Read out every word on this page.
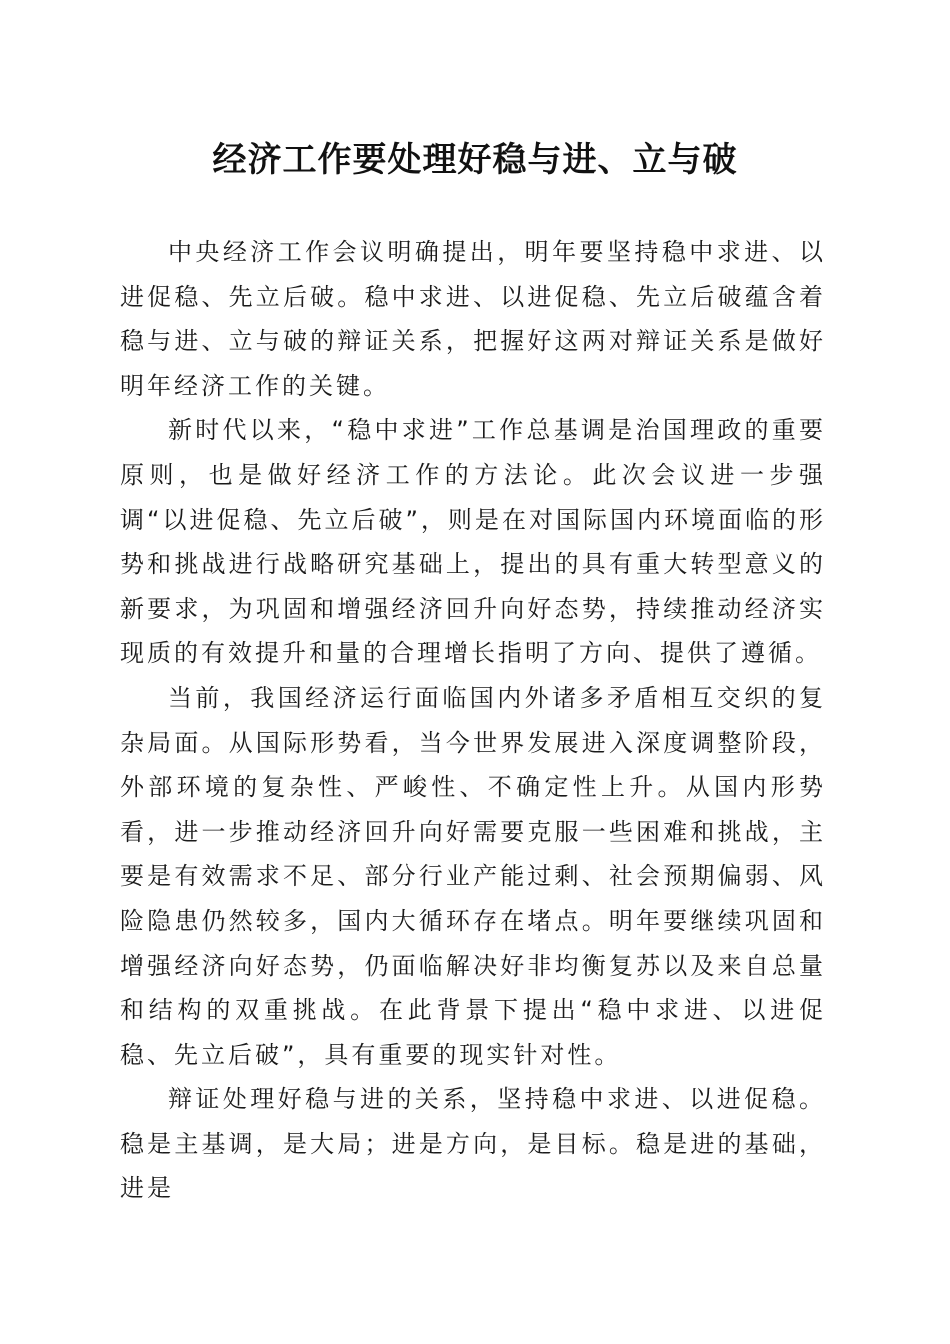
经济工作要处理好稳与进、立与破

中央经济工作会议明确提出，明年要坚持稳中求进、以进促稳、先立后破。稳中求进、以进促稳、先立后破蕴含着稳与进、立与破的辩证关系，把握好这两对辩证关系是做好明年经济工作的关键。

新时代以来，“稳中求进”工作总基调是治国理政的重要原则，也是做好经济工作的方法论。此次会议进一步强调“以进促稳、先立后破”，则是在对国际国内环境面临的形势和挑战进行战略研究基础上，提出的具有重大转型意义的新要求，为巩固和增强经济回升向好态势，持续推动经济实现质的有效提升和量的合理增长指明了方向、提供了遵循。

当前，我国经济运行面临国内外诸多矛盾相互交织的复杂局面。从国际形势看，当今世界发展进入深度调整阶段，外部环境的复杂性、严峻性、不确定性上升。从国内形势看，进一步推动经济回升向好需要克服一些困难和挑战，主要是有效需求不足、部分行业产能过剩、社会预期偏弱、风险隐患仍然较多，国内大循环存在堵点。明年要继续巩固和增强经济向好态势，仍面临解决好非均衡复苏以及来自总量和结构的双重挑战。在此背景下提出“稳中求进、以进促稳、先立后破”，具有重要的现实针对性。

辩证处理好稳与进的关系，坚持稳中求进、以进促稳。稳是主基调，是大局；进是方向，是目标。稳是进的基础，进是
